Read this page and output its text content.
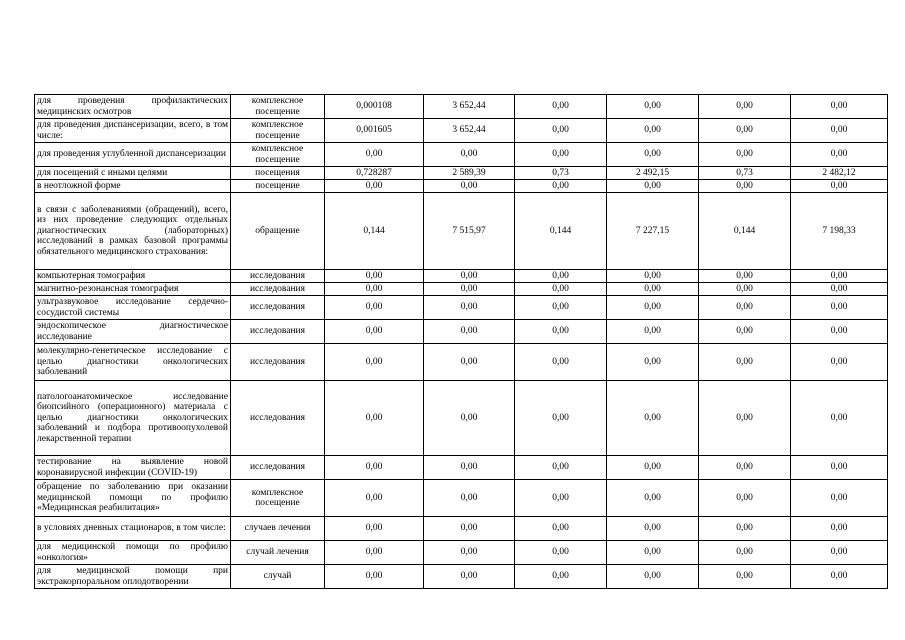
для проведения профилактических медицинских осмотров	комплексное посещение	0,000108	3 652,44	0,00	0,00	0,00	0,00
для проведения диспансеризации, всего, в том числе:	комплексное посещение	0,001605	3 652,44	0,00	0,00	0,00	0,00
для проведения углубленной диспансеризации	комплексное посещение	0,00	0,00	0,00	0,00	0,00	0,00
для посещений с иными целями	посещения	0,728287	2 589,39	0,73	2 492,15	0,73	2 482,12
в неотложной форме	посещение	0,00	0,00	0,00	0,00	0,00	0,00
в связи с заболеваниями (обращений), всего, из них проведение следующих отдельных диагностических (лабораторных) исследований в рамках базовой программы обязательного медицинского страхования:	обращение	0,144	7 515,97	0,144	7 227,15	0,144	7 198,33
компьютерная томография	исследования	0,00	0,00	0,00	0,00	0,00	0,00
магнитно-резонансная томография	исследования	0,00	0,00	0,00	0,00	0,00	0,00
ультразвуковое исследование сердечно-сосудистой системы	исследования	0,00	0,00	0,00	0,00	0,00	0,00
эндоскопическое диагностическое исследование	исследования	0,00	0,00	0,00	0,00	0,00	0,00
молекулярно-генетическое исследование с целью диагностики онкологических заболеваний	исследования	0,00	0,00	0,00	0,00	0,00	0,00
патологоанатомическое исследование биопсийного (операционного) материала с целью диагностики онкологических заболеваний и подбора противоопухолевой лекарственной терапии	исследования	0,00	0,00	0,00	0,00	0,00	0,00
тестирование на выявление новой коронавирусной инфекции (COVID-19)	исследования	0,00	0,00	0,00	0,00	0,00	0,00
обращение по заболеванию при оказании медицинской помощи по профилю «Медицинская реабилитация»	комплексное посещение	0,00	0,00	0,00	0,00	0,00	0,00
в условиях дневных стационаров, в том числе:	случаев лечения	0,00	0,00	0,00	0,00	0,00	0,00
для медицинской помощи по профилю «онкология»	случай лечения	0,00	0,00	0,00	0,00	0,00	0,00
для медицинской помощи при экстракорпоральном оплодотворении	случай	0,00	0,00	0,00	0,00	0,00	0,00
